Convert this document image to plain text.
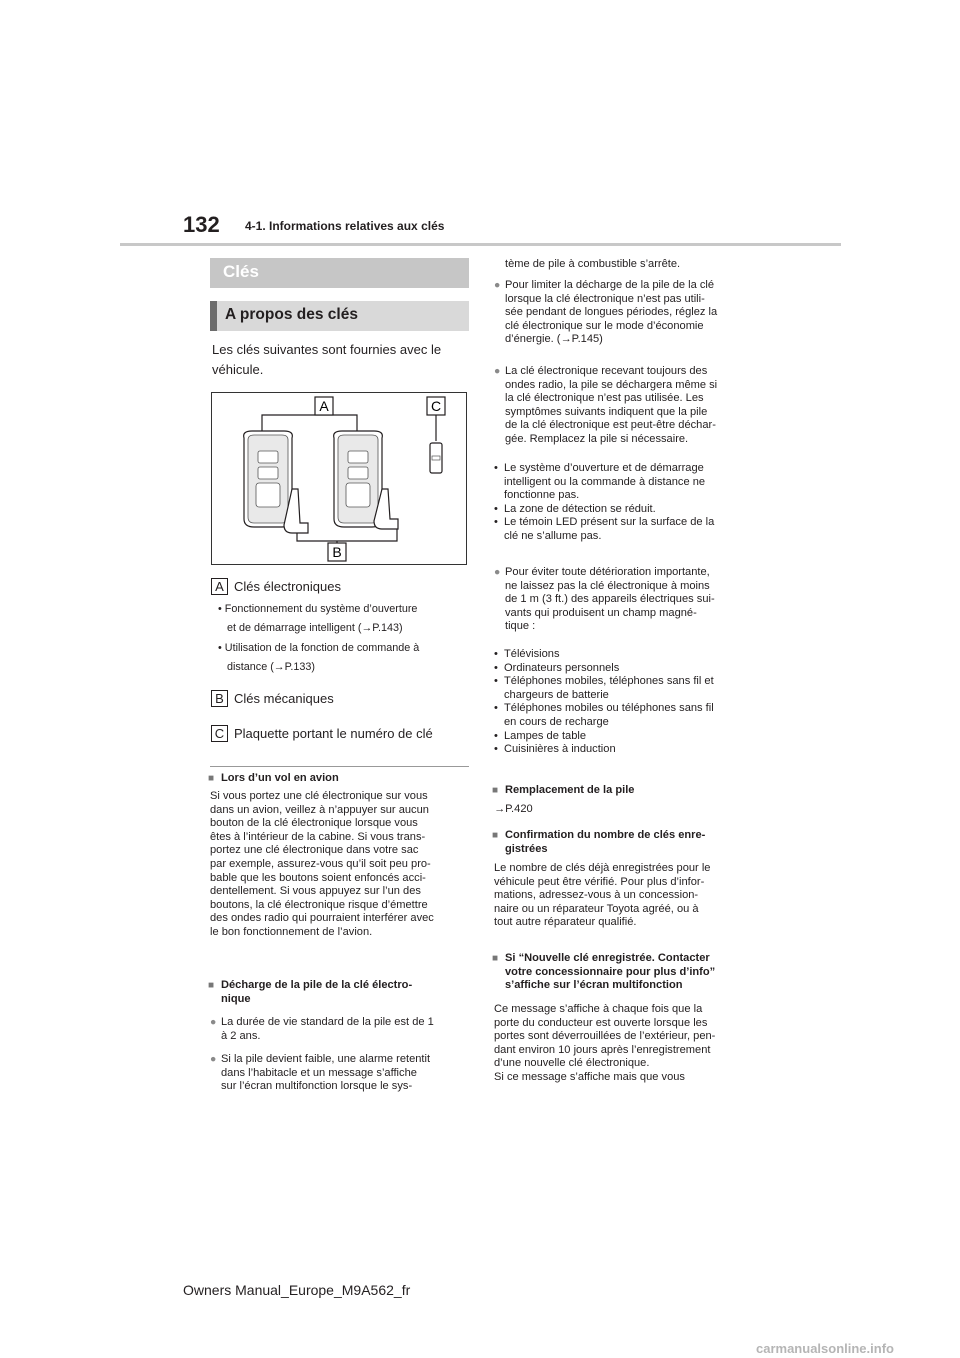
132 4-1. Informations relatives aux clés
Clés
A propos des clés
Les clés suivantes sont fournies avec le véhicule.
A
B
C
A Clés électroniques
• Fonctionnement du système d’ouverture
et de démarrage intelligent (→P.143)
• Utilisation de la fonction de commande à
distance (→P.133)
B Clés mécaniques
C Plaquette portant le numéro de clé
■ Lors d’un vol en avion
Si vous portez une clé électronique sur vous
dans un avion, veillez à n’appuyer sur aucun
bouton de la clé électronique lorsque vous
êtes à l’intérieur de la cabine. Si vous trans-
portez une clé électronique dans votre sac
par exemple, assurez-vous qu’il soit peu pro-
bable que les boutons soient enfoncés acci-
dentellement. Si vous appuyez sur l’un des
boutons, la clé électronique risque d’émettre
des ondes radio qui pourraient interférer avec
le bon fonctionnement de l’avion.
■ Décharge de la pile de la clé électro-
nique
● La durée de vie standard de la pile est de 1
à 2 ans.
● Si la pile devient faible, une alarme retentit
dans l’habitacle et un message s’affiche
sur l’écran multifonction lorsque le sys-
tème de pile à combustible s’arrête.
● Pour limiter la décharge de la pile de la clé
lorsque la clé électronique n’est pas utili-
sée pendant de longues périodes, réglez la
clé électronique sur le mode d’économie
d’énergie. (→P.145)
● La clé électronique recevant toujours des
ondes radio, la pile se déchargera même si
la clé électronique n’est pas utilisée. Les
symptômes suivants indiquent que la pile
de la clé électronique est peut-être déchar-
gée. Remplacez la pile si nécessaire.
• Le système d’ouverture et de démarrage
intelligent ou la commande à distance ne
fonctionne pas.
• La zone de détection se réduit.
• Le témoin LED présent sur la surface de la
clé ne s’allume pas.
● Pour éviter toute détérioration importante,
ne laissez pas la clé électronique à moins
de 1 m (3 ft.) des appareils électriques sui-
vants qui produisent un champ magné-
tique :
• Télévisions
• Ordinateurs personnels
• Téléphones mobiles, téléphones sans fil et
chargeurs de batterie
• Téléphones mobiles ou téléphones sans fil
en cours de recharge
• Lampes de table
• Cuisinières à induction
■ Remplacement de la pile
→P.420
■ Confirmation du nombre de clés enre-
gistrées
Le nombre de clés déjà enregistrées pour le
véhicule peut être vérifié. Pour plus d’infor-
mations, adressez-vous à un concession-
naire ou un réparateur Toyota agréé, ou à
tout autre réparateur qualifié.
■ Si “Nouvelle clé enregistrée. Contacter
votre concessionnaire pour plus d’info”
s’affiche sur l’écran multifonction
Ce message s’affiche à chaque fois que la
porte du conducteur est ouverte lorsque les
portes sont déverrouillées de l’extérieur, pen-
dant environ 10 jours après l’enregistrement
d’une nouvelle clé électronique.
Si ce message s’affiche mais que vous
Owners Manual_Europe_M9A562_fr
carmanualsonline.info
